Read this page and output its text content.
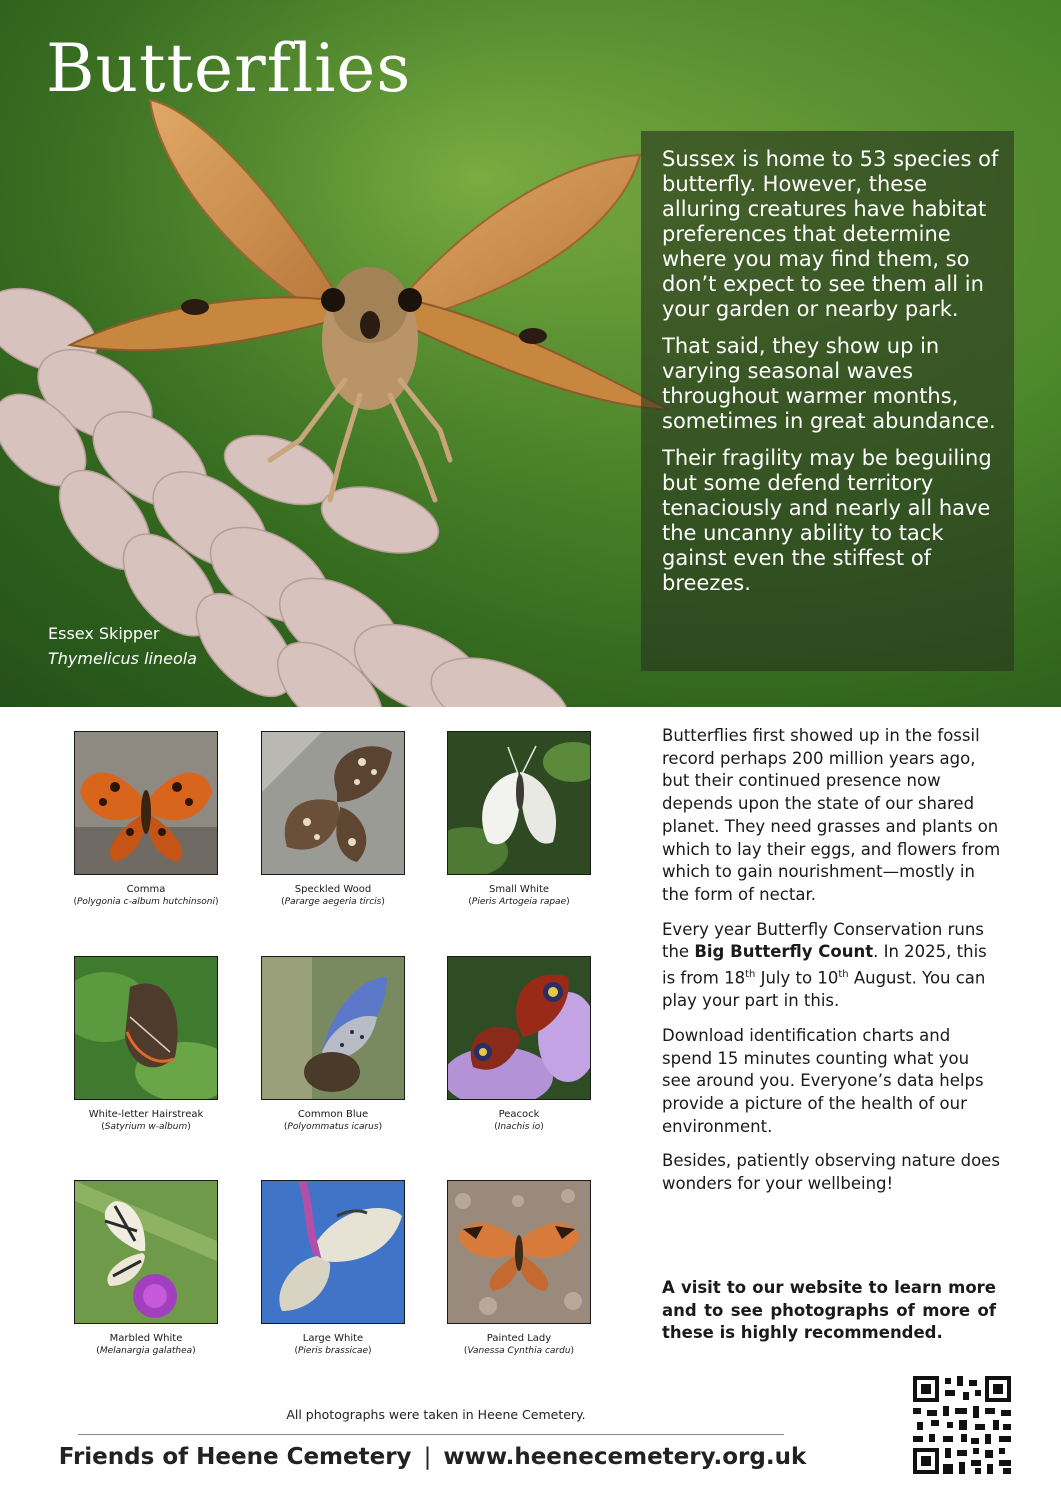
Butterflies

Sussex is home to 53 species of butterfly. However, these alluring creatures have habitat preferences that determine where you may find them, so don’t expect to see them all in your garden or nearby park.

That said, they show up in varying seasonal waves throughout warmer months, sometimes in great abundance.

Their fragility may be beguiling but some defend territory tenaciously and nearly all have the uncanny ability to tack gainst even the stiffest of breezes.

Essex Skipper
Thymelicus lineola
Comma
(Polygonia c-album hutchinsoni)
Speckled Wood
(Pararge aegeria tircis)
Small White
(Pieris Artogeia rapae)
White-letter Hairstreak
(Satyrium w-album)
Common Blue
(Polyommatus icarus)
Peacock
(Inachis io)
Marbled White
(Melanargia galathea)
Large White
(Pieris brassicae)
Painted Lady
(Vanessa Cynthia cardu)

Butterflies first showed up in the fossil record perhaps 200 million years ago, but their continued presence now depends upon the state of our shared planet. They need grasses and plants on which to lay their eggs, and flowers from which to gain nourishment—mostly in the form of nectar.

Every year Butterfly Conservation runs the Big Butterfly Count. In 2025, this is from 18th July to 10th August. You can play your part in this.

Download identification charts and spend 15 minutes counting what you see around you. Everyone’s data helps provide a picture of the health of our environment.

Besides, patiently observing nature does wonders for your wellbeing!

A visit to our website to learn more and to see photographs of more of these is highly recommended.

All photographs were taken in Heene Cemetery.
Friends of Heene Cemetery | www.heenecemetery.org.uk
